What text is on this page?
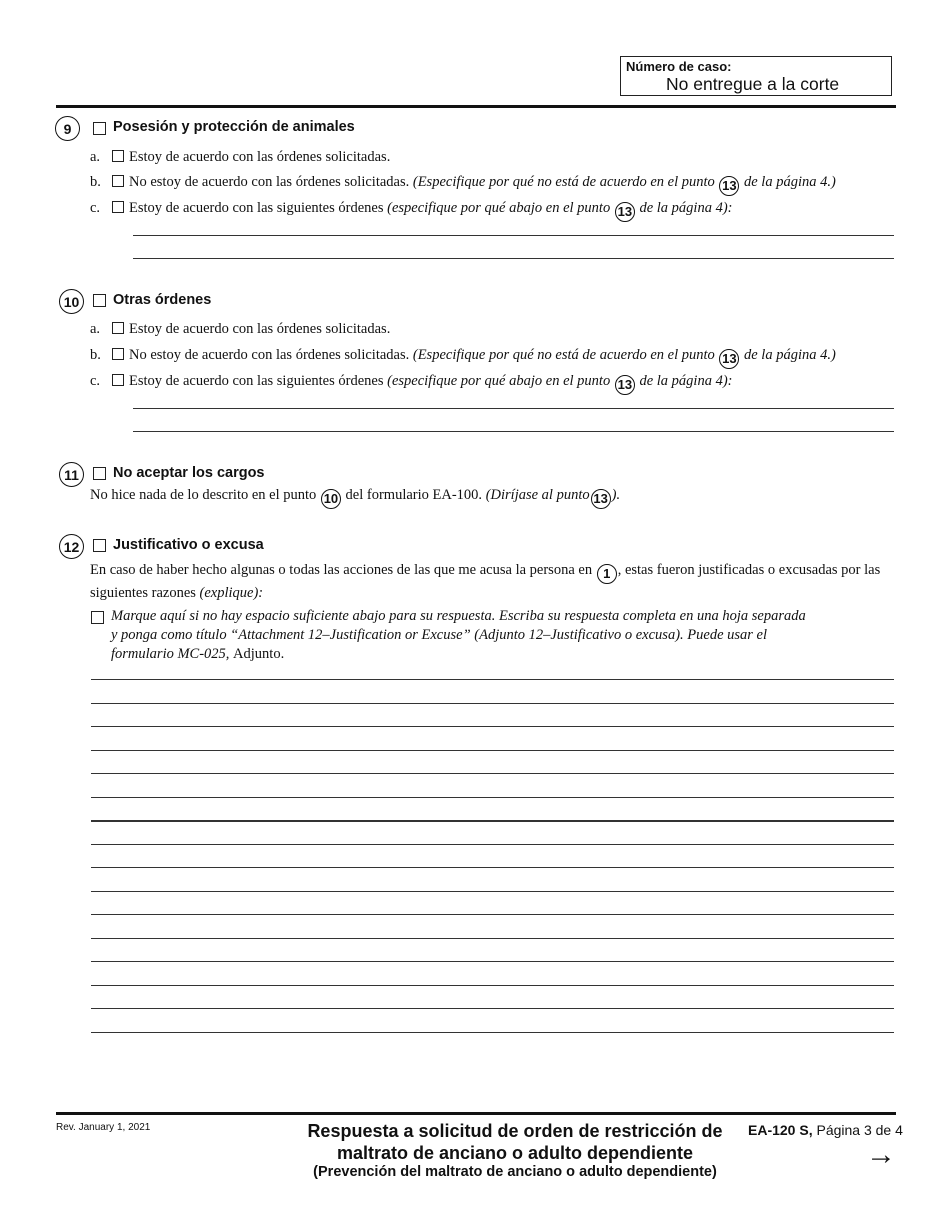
Número de caso:
No entregue a la corte
9	Posesión y protección de animales
a. Estoy de acuerdo con las órdenes solicitadas.
b. No estoy de acuerdo con las órdenes solicitadas. (Especifique por qué no está de acuerdo en el punto 13 de la página 4.)
c. Estoy de acuerdo con las siguientes órdenes (especifique por qué abajo en el punto 13 de la página 4):
10	Otras órdenes
a. Estoy de acuerdo con las órdenes solicitadas.
b. No estoy de acuerdo con las órdenes solicitadas. (Especifique por qué no está de acuerdo en el punto 13 de la página 4.)
c. Estoy de acuerdo con las siguientes órdenes (especifique por qué abajo en el punto 13 de la página 4):
11	No aceptar los cargos
No hice nada de lo descrito en el punto 10 del formulario EA-100. (Diríjase al punto 13 ).
12	Justificativo o excusa
En caso de haber hecho algunas o todas las acciones de las que me acusa la persona en 1 , estas fueron justificadas o excusadas por las siguientes razones (explique):
Marque aquí si no hay espacio suficiente abajo para su respuesta. Escriba su respuesta completa en una hoja separada
y ponga como título “Attachment 12–Justification or Excuse” (Adjunto 12–Justificativo o excusa). Puede usar el
formulario MC-025, Adjunto.
Rev. January 1, 2021	Respuesta a solicitud de orden de restricción de
maltrato de anciano o adulto dependiente
(Prevención del maltrato de anciano o adulto dependiente)
EA-120 S, Página 3 de 4
→
